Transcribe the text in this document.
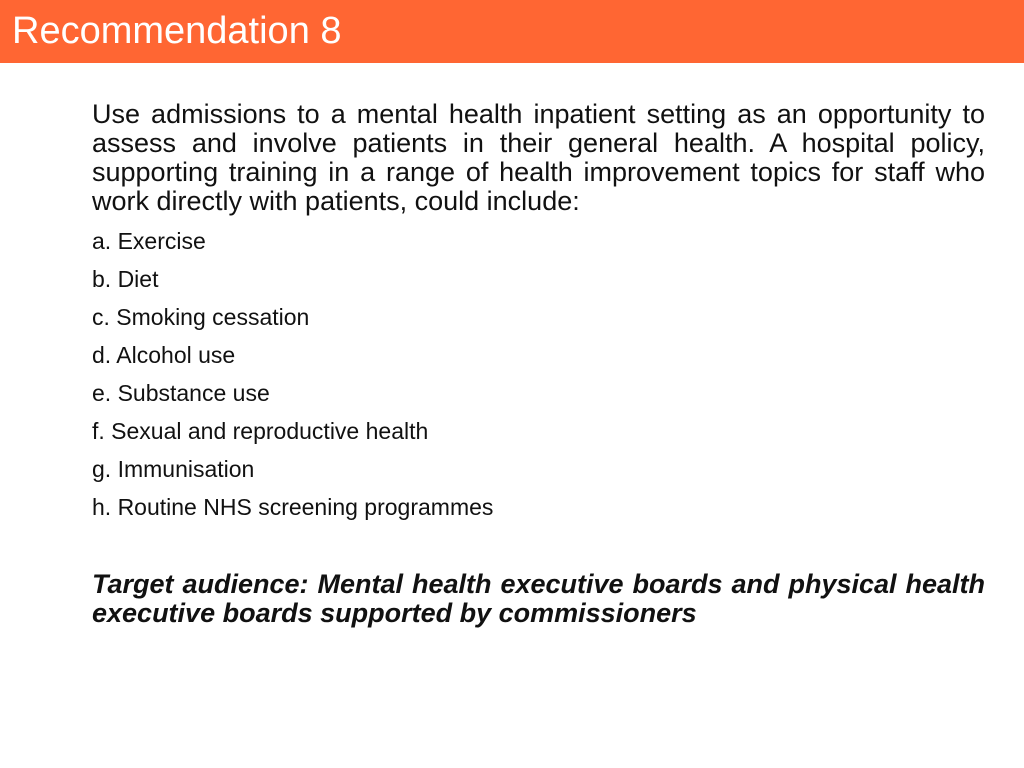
Recommendation 8

Use admissions to a mental health inpatient setting as an opportunity to assess and involve patients in their general health. A hospital policy, supporting training in a range of health improvement topics for staff who work directly with patients, could include:

a. Exercise
b. Diet
c. Smoking cessation
d. Alcohol use
e. Substance use
f. Sexual and reproductive health
g. Immunisation
h. Routine NHS screening programmes

Target audience: Mental health executive boards and physical health executive boards supported by commissioners
